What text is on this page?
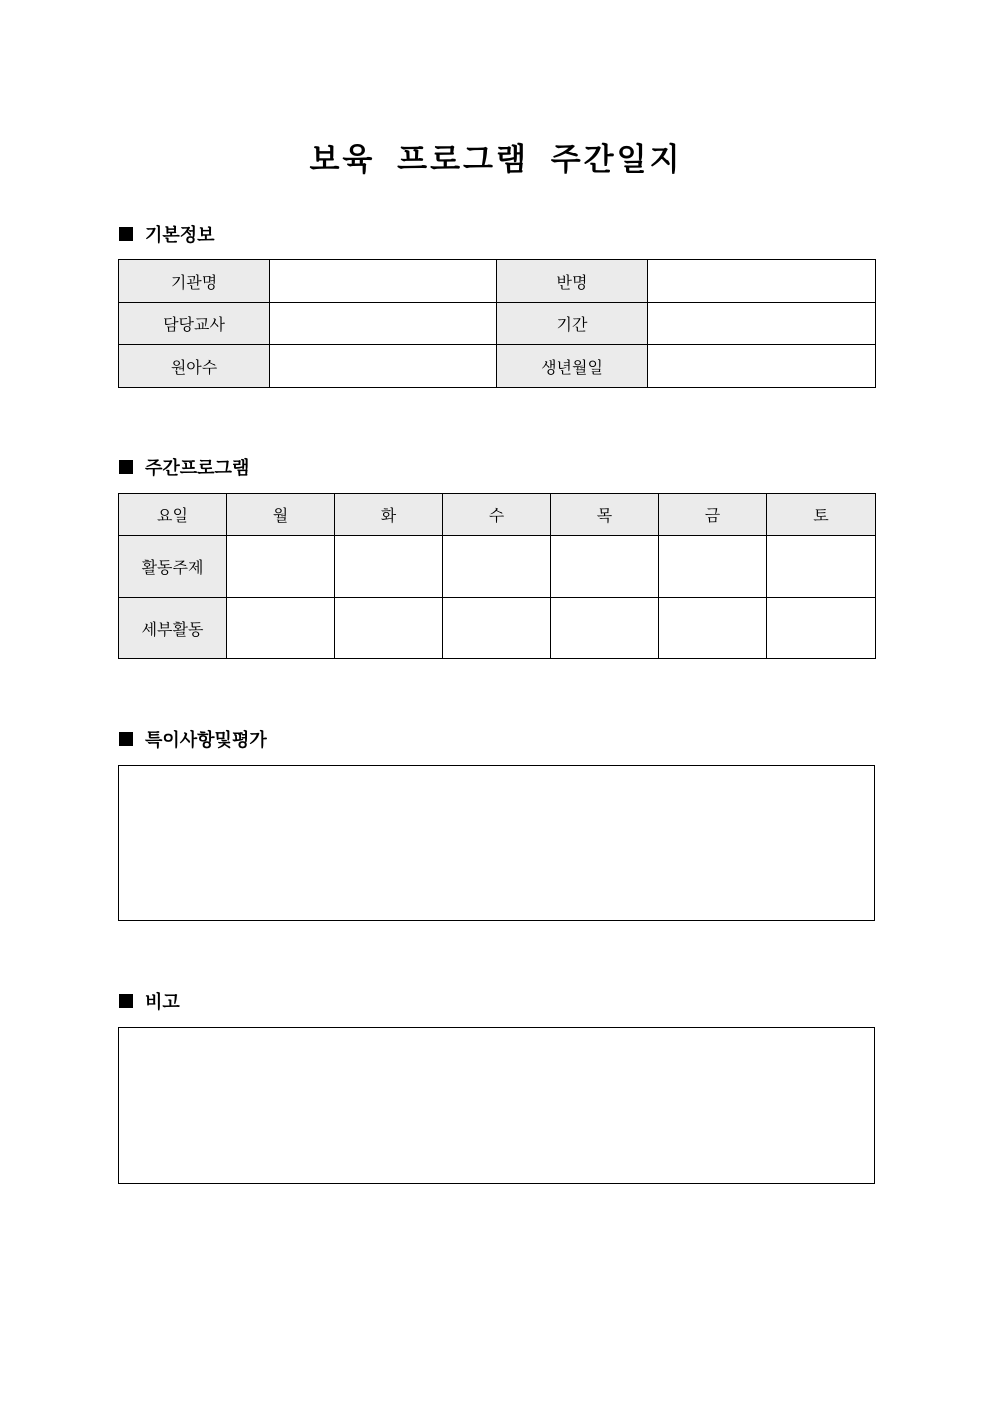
보육 프로그램 주간일지
기본정보
기관명		반명	
담당교사		기간	
원아수		생년월일	
주간프로그램
요일	월	화	수	목	금	토
활동주제						
세부활동						
특이사항및평가
비고
